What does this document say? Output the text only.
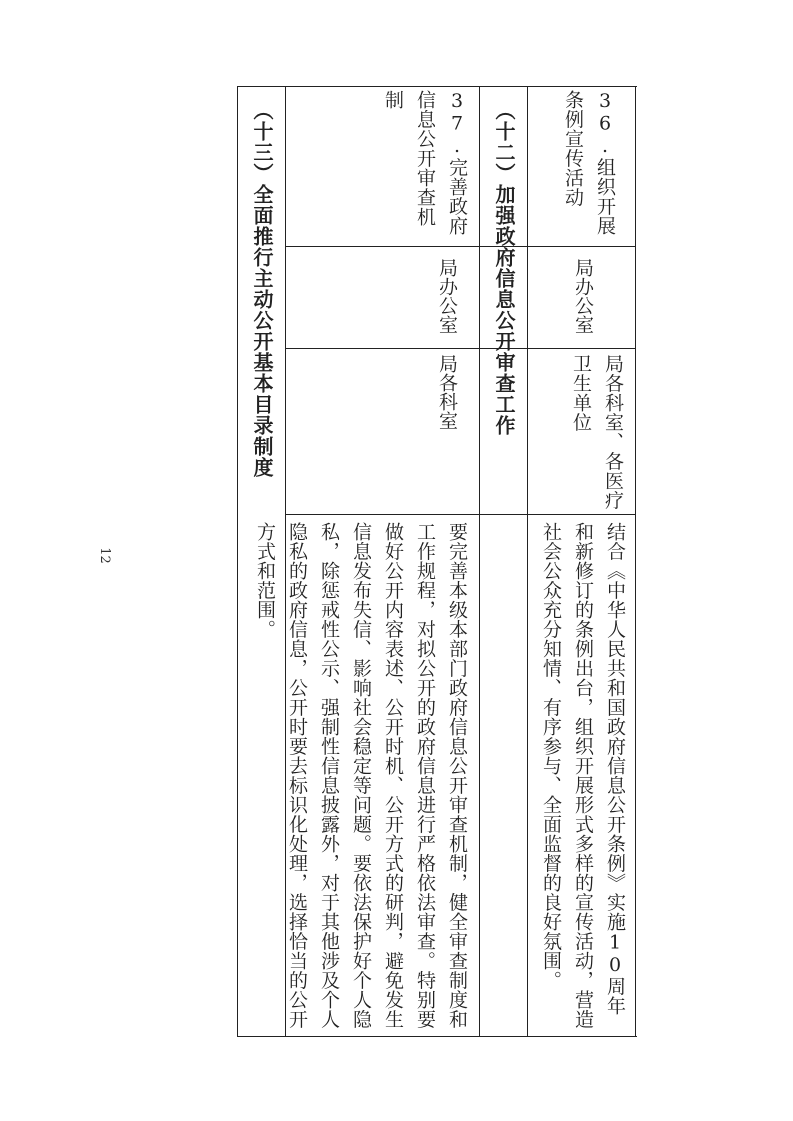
（十二）加强政府信息公开审查工作
（十三）全面推行主动公开基本目录制度	36.组织开展条例宣传活动
局办公室
局各科室、各医疗卫生单位
结合《中华人民共和国政府信息公开条例》实施10周年和新修订的条例出台，组织开展形式多样的宣传活动，营造社会公众充分知情、有序参与、全面监督的良好氛围。
37.完善政府信息公开审查机制
局办公室
局各科室
要完善本级本部门政府信息公开审查机制，健全审查制度和工作规程，对拟公开的政府信息进行严格依法审查。特别要做好公开内容表述、公开时机、公开方式的研判，避免发生信息发布失信、影响社会稳定等问题。要依法保护好个人隐私，除惩戒性公示、强制性信息披露外，对于其他涉及个人隐私的政府信息，公开时要去标识化处理，选择恰当的公开方式和范围。
12
